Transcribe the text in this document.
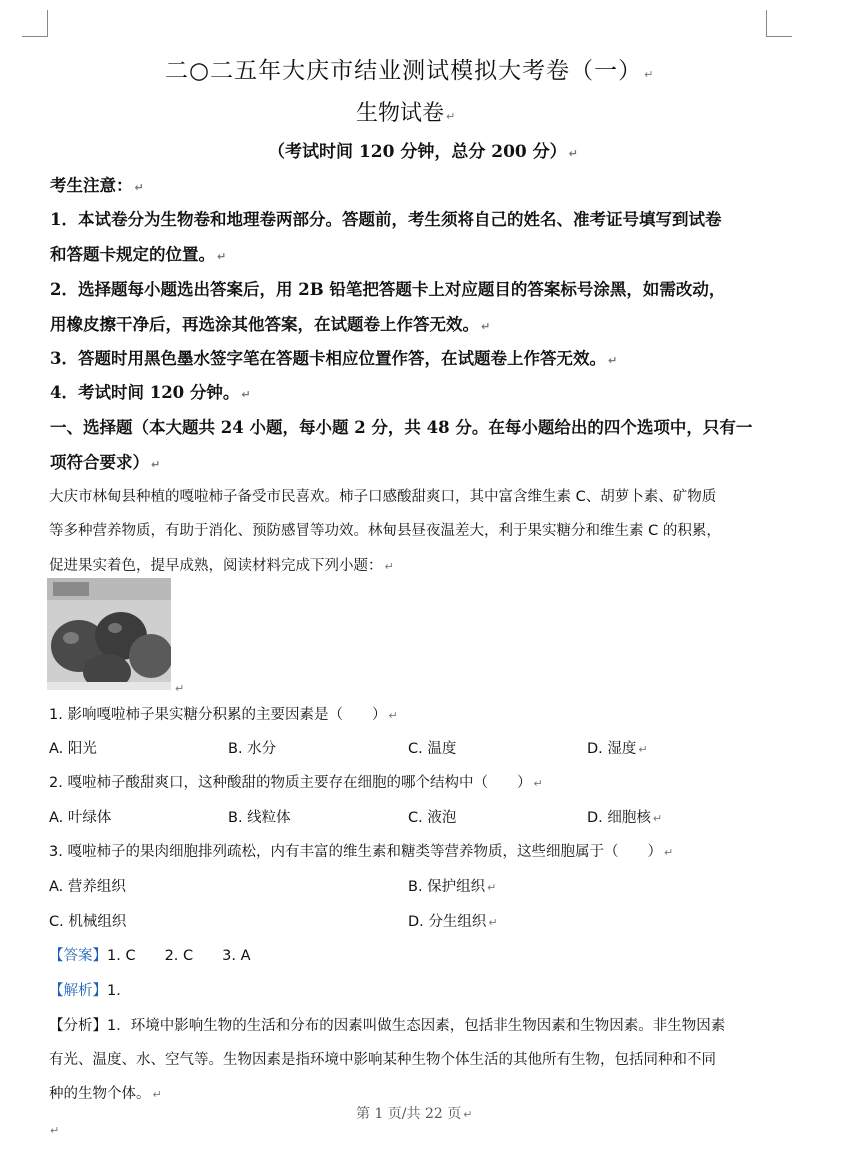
二○二五年大庆市结业测试模拟大考卷（一） ↵
生物试卷 ↵
（考试时间 120 分钟，总分 200 分） ↵
考生注意： ↵
1．本试卷分为生物卷和地理卷两部分。答题前，考生须将自己的姓名、准考证号填写到试卷
和答题卡规定的位置。 ↵
2．选择题每小题选出答案后，用 2B 铅笔把答题卡上对应题目的答案标号涂黑，如需改动，
用橡皮擦干净后，再选涂其他答案，在试题卷上作答无效。 ↵
3．答题时用黑色墨水签字笔在答题卡相应位置作答，在试题卷上作答无效。 ↵
4．考试时间 120 分钟。 ↵
一、选择题（本大题共 24 小题，每小题 2 分，共 48 分。在每小题给出的四个选项中，只有一
项符合要求） ↵
大庆市林甸县种植的嘎啦柿子备受市民喜欢。柿子口感酸甜爽口，其中富含维生素 C、胡萝卜素、矿物质
等多种营养物质，有助于消化、预防感冒等功效。林甸县昼夜温差大，利于果实糖分和维生素 C 的积累，
促进果实着色，提早成熟，阅读材料完成下列小题： ↵
↵
1. 影响嘎啦柿子果实糖分积累的主要因素是（　　） ↵
A. 阳光	B. 水分	C. 温度	D. 湿度 ↵
2. 嘎啦柿子酸甜爽口，这种酸甜的物质主要存在细胞的哪个结构中（　　） ↵
A. 叶绿体	B. 线粒体	C. 液泡	D. 细胞核 ↵
3. 嘎啦柿子的果肉细胞排列疏松，内有丰富的维生素和糖类等营养物质，这些细胞属于（　　） ↵
A. 营养组织	B. 保护组织 ↵
C. 机械组织	D. 分生组织 ↵
【答案】1. C　　2. C　　3. A
【解析】1．
【分析】1．环境中影响生物的生活和分布的因素叫做生态因素，包括非生物因素和生物因素。非生物因素
有光、温度、水、空气等。生物因素是指环境中影响某种生物个体生活的其他所有生物，包括同种和不同
种的生物个体。 ↵
第 1 页/共 22 页 ↵
↵
